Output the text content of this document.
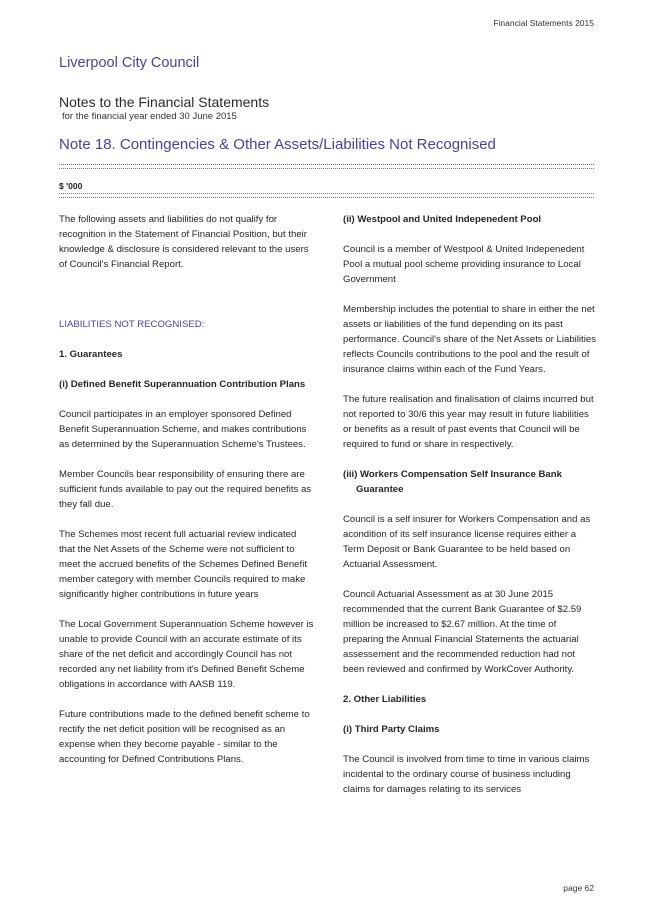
Financial Statements 2015
Liverpool City Council
Notes to the Financial Statements
for the financial year ended 30 June 2015
Note 18. Contingencies & Other Assets/Liabilities Not Recognised
$ '000

The following assets and liabilities do not qualify for recognition in the Statement of Financial Position, but their knowledge & disclosure is considered relevant to the users of Council's Financial Report.

LIABILITIES NOT RECOGNISED:

1. Guarantees

(i) Defined Benefit Superannuation Contribution Plans

Council participates in an employer sponsored Defined Benefit Superannuation Scheme, and makes contributions as determined by the Superannuation Scheme's Trustees.

Member Councils bear responsibility of ensuring there are sufficient funds available to pay out the required benefits as they fall due.

The Schemes most recent full actuarial review indicated that the Net Assets of the Scheme were not sufficient to meet the accrued benefits of the Schemes Defined Benefit member category with member Councils required to make significantly higher contributions in future years

The Local Government Superannuation Scheme however is unable to provide Council with an accurate estimate of its share of the net deficit and accordingly Council has not recorded any net liability from it's Defined Benefit Scheme obligations in accordance with AASB 119.

Future contributions made to the defined benefit scheme to rectify the net deficit position will be recognised as an expense when they become payable - similar to the accounting for Defined Contributions Plans.

(ii) Westpool and United Indepenedent Pool

Council is a member of Westpool & United Indepenedent Pool a mutual pool scheme providing insurance to Local Government

Membership includes the potential to share in either the net assets or liabilities of the fund depending on its past performance. Council's share of the Net Assets or Liabilities reflects Councils contributions to the pool and the result of insurance claims within each of the Fund Years.

The future realisation and finalisation of claims incurred but not reported to 30/6 this year may result in future liabilities or benefits as a result of past events that Council will be required to fund or share in respectively.

(iii) Workers Compensation Self Insurance Bank Guarantee

Council is a self insurer for Workers Compensation and as acondition of its self insurance license requires either a Term Deposit or Bank Guarantee to be held based on Actuarial Assessment.

Council Actuarial Assessment as at 30 June 2015 recommended that the current Bank Guarantee of $2.59 million be increased to $2.67 million. At the time of preparing the Annual Financial Statements the actuarial assessement and the recommended reduction had not been reviewed and confirmed by WorkCover Authority.

2. Other Liabilities

(i) Third Party Claims

The Council is involved from time to time in various claims incidental to the ordinary course of business including claims for damages relating to its services

page 62
